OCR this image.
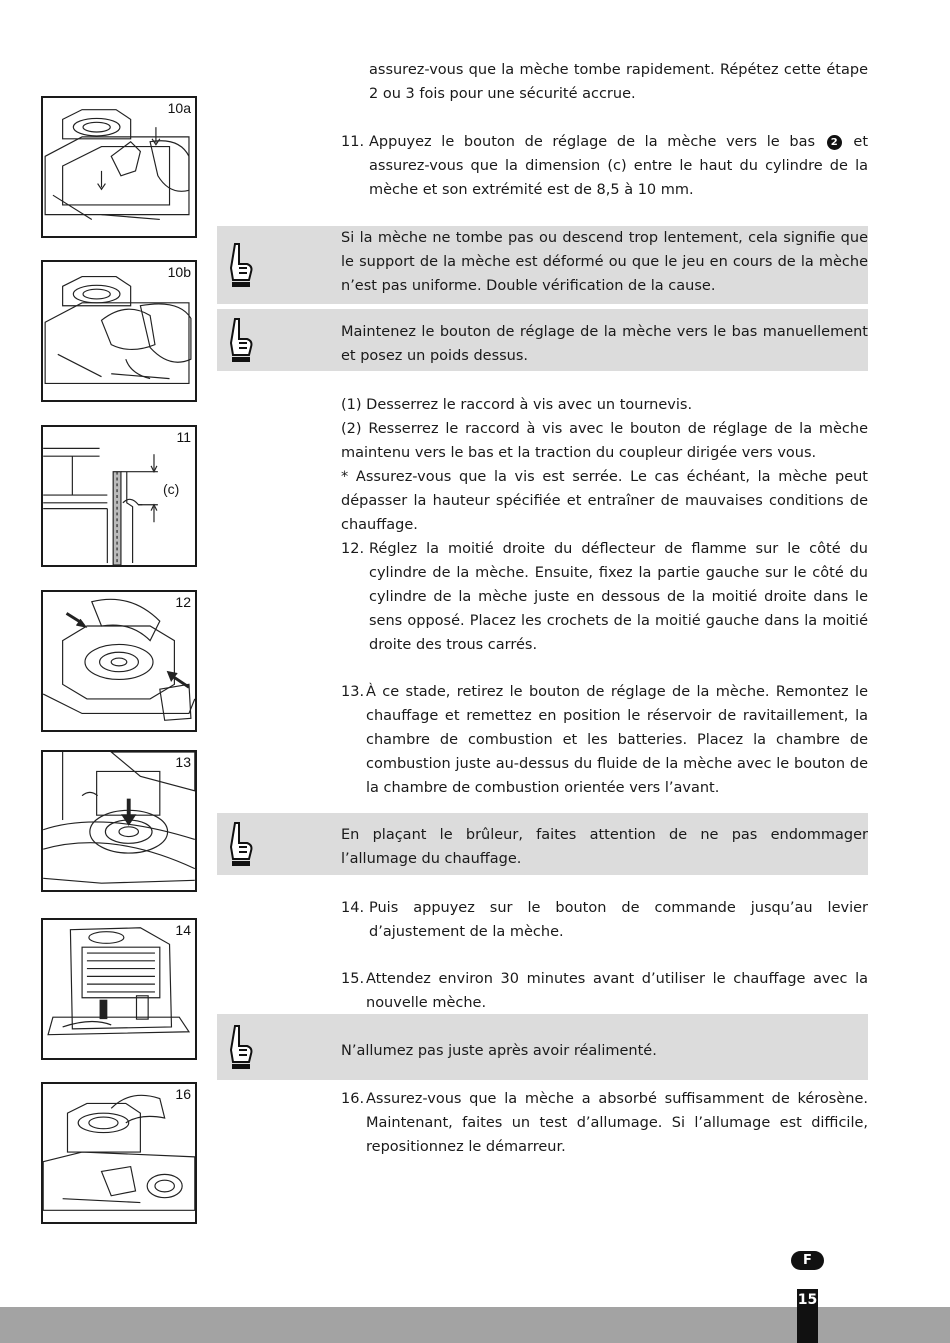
10a
10b
11
(c)
12
13
14
16
assurez-vous que la mèche tombe rapidement. Répétez cette étape 2 ou 3 fois pour une sécurité accrue.
11. Appuyez le bouton de réglage de la mèche vers le bas 2 et assurez-vous que la dimension (c) entre le haut du cylindre de la mèche et son extrémité est de 8,5 à 10 mm.
Si la mèche ne tombe pas ou descend trop lentement, cela signifie que le support de la mèche est déformé ou que le jeu en cours de la mèche n’est pas uniforme. Double vérification de la cause.
Maintenez le bouton de réglage de la mèche vers le bas manuellement et posez un poids dessus.
(1) Desserrez le raccord à vis avec un tournevis.
(2) Resserrez le raccord à vis avec le bouton de réglage de la mèche maintenu vers le bas et la traction du coupleur dirigée vers vous.
* Assurez-vous que la vis est serrée. Le cas échéant, la mèche peut dépasser la hauteur spécifiée et entraîner de mauvaises conditions de chauffage.
12. Réglez la moitié droite du déflecteur de flamme sur le côté du cylindre de la mèche. Ensuite, fixez la partie gauche sur le côté du cylindre de la mèche juste en dessous de la moitié droite dans le sens opposé. Placez les crochets de la moitié gauche dans la moitié droite des trous carrés.
13. À ce stade, retirez le bouton de réglage de la mèche. Remontez le chauffage et remettez en position le réservoir de ravitaillement, la chambre de combustion et les batteries. Placez la chambre de combustion juste au-dessus du fluide de la mèche avec le bouton de la chambre de combustion orientée vers l’avant.
En plaçant le brûleur, faites attention de ne pas endommager l’allumage du chauffage.
14. Puis appuyez sur le bouton de commande jusqu’au levier d’ajustement de la mèche.
15. Attendez environ 30 minutes avant d’utiliser le chauffage avec la nouvelle mèche.
N’allumez pas juste après avoir réalimenté.
16. Assurez-vous que la mèche a absorbé suffisamment de kérosène. Maintenant, faites un test d’allumage. Si l’allumage est difficile, repositionnez le démarreur.
F
15
